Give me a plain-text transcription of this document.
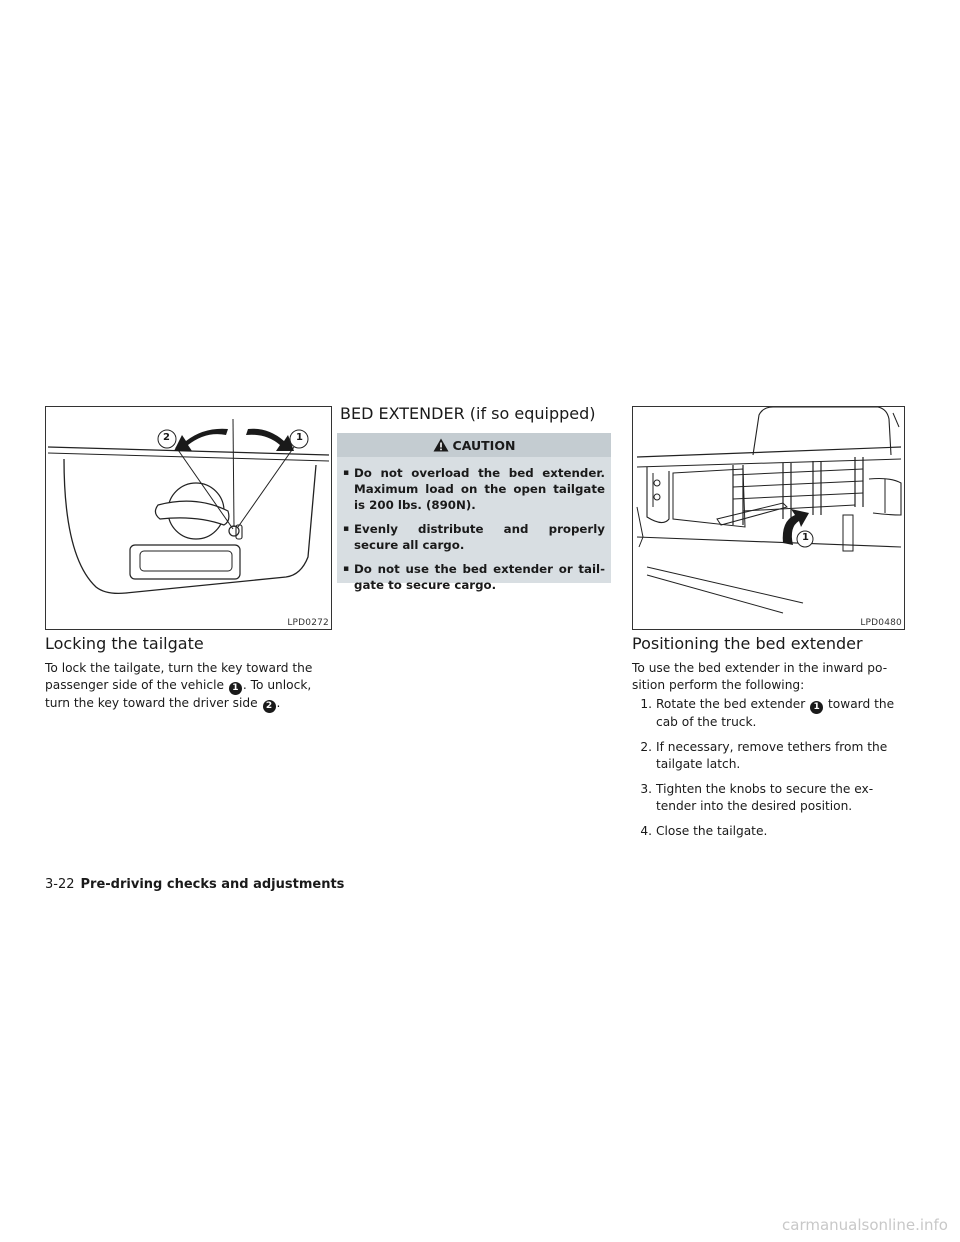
2	1
LPD0272
Locking the tailgate

To lock the tailgate, turn the key toward the passenger side of the vehicle 1 . To unlock, turn the key toward the driver side 2 .

BED EXTENDER (if so equipped)
CAUTION
▪ Do not overload the bed extender. Maximum load on the open tailgate is 200 lbs. (890N).
▪ Evenly distribute and properly secure all cargo.
▪ Do not use the bed extender or tail-gate to secure cargo.
1
LPD0480
Positioning the bed extender

To use the bed extender in the inward po-sition perform the following:

1. Rotate the bed extender 1 toward the cab of the truck.
2. If necessary, remove tethers from the tailgate latch.
3. Tighten the knobs to secure the ex-tender into the desired position.
4. Close the tailgate.
3-22 Pre-driving checks and adjustments
carmanualsonline.info
